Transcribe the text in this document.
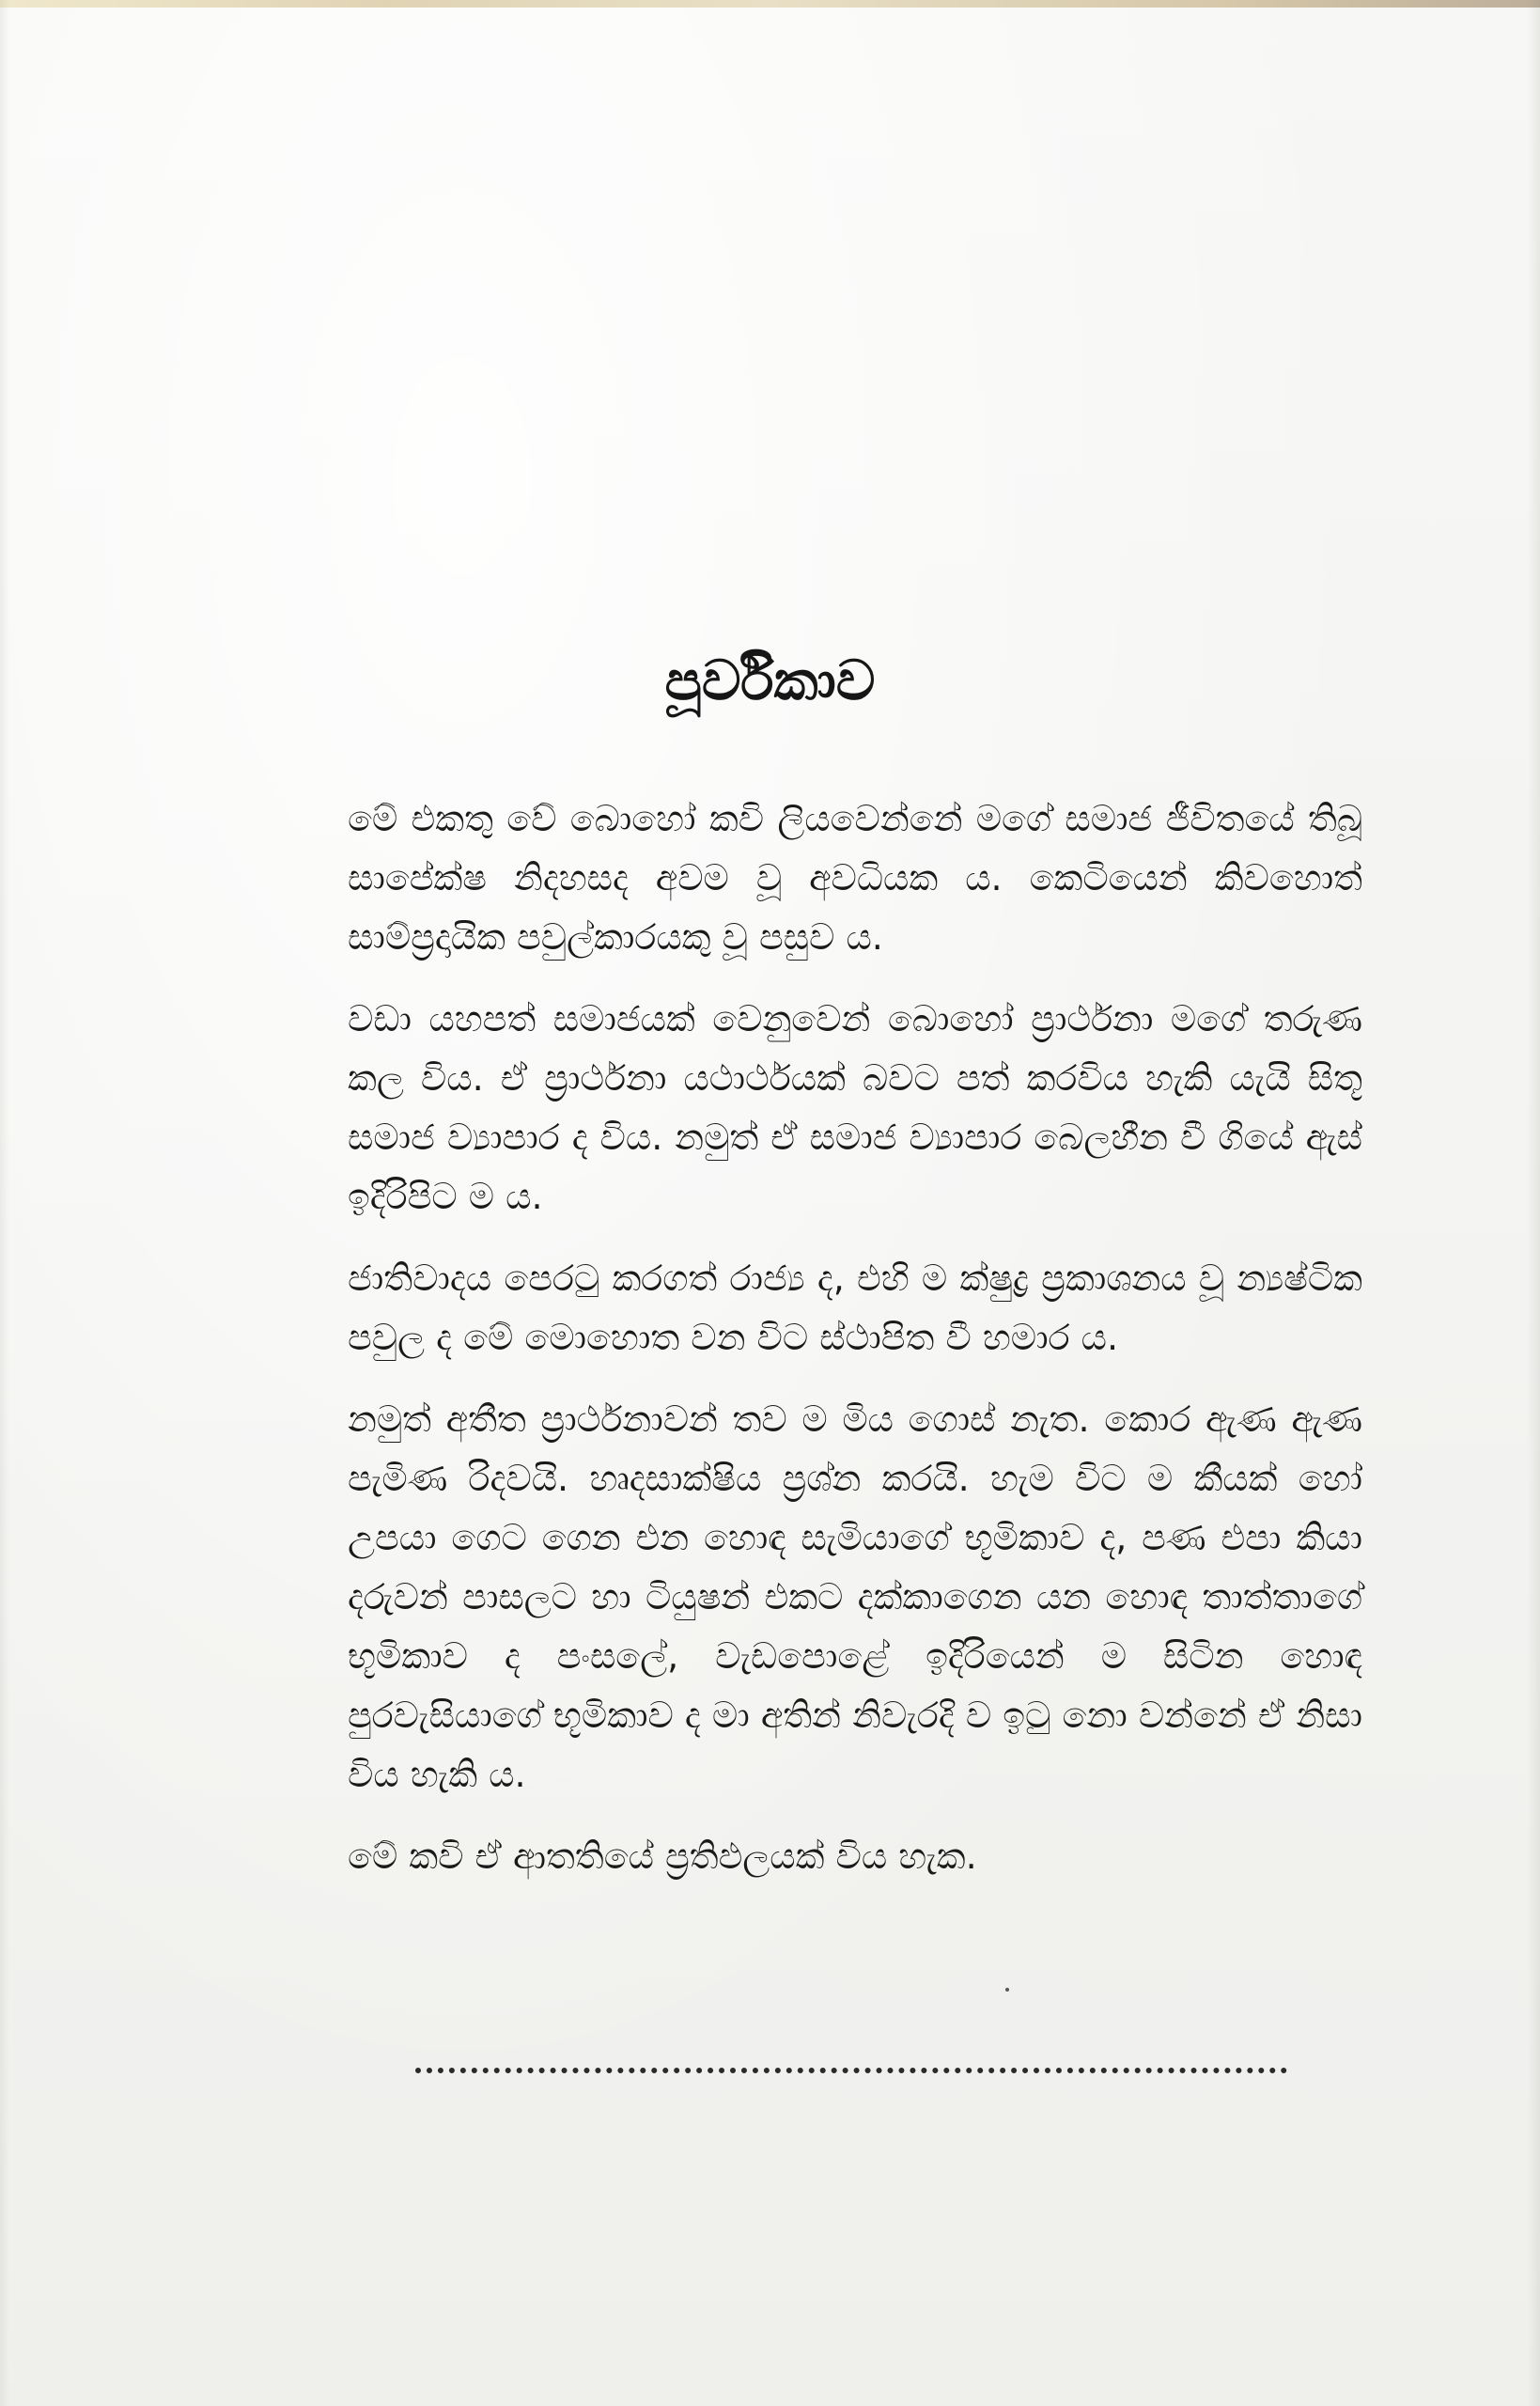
පූර්විකාව

මේ එකතු වේ බොහෝ කවි ලියවෙන්නේ මගේ සමාජ ජීවිතයේ තිබූ සාපේක්ෂ නිදහසද අවම වූ අවධියක ය. කෙටියෙන් කිවහොත් සාම්ප්‍රදායික පවුල්කාරයකු වූ පසුව ය.

වඩා යහපත් සමාජයක් වෙනුවෙන් බොහෝ ප්‍රාර්ථනා මගේ තරුණ කල විය. ඒ ප්‍රාර්ථනා යථාර්ථයක් බවට පත් කරවිය හැකි යැයි සිතූ සමාජ ව්‍යාපාර ද විය. නමුත් ඒ සමාජ ව්‍යාපාර බෙලහීන වී ගියේ ඇස් ඉදිරිපිට ම ය.

ජාතිවාදය පෙරටු කරගත් රාජ්‍ය ද, එහි ම ක්ෂුද්‍ර ප්‍රකාශනය වූ න්‍යෂ්ටික පවුල ද මේ මොහොත වන විට ස්ථාපිත වී හමාර ය.

නමුත් අතීත ප්‍රාර්ථනාවන් තව ම මිය ගොස් නැත. කොර ඇණ ඇණ පැමිණ රිදවයි. හෘදසාක්ෂිය ප්‍රශ්න කරයි. හැම විට ම කීයක් හෝ උපයා ගෙට ගෙන එන හොඳ සැමියාගේ භූමිකාව ද, පණ එපා කියා දරුවන් පාසලට හා ටියුෂන් එකට දක්කාගෙන යන හොඳ තාත්තාගේ භූමිකාව ද පංසලේ, වැඩපොළේ ඉදිරියෙන් ම සිටින හොඳ පුරවැසියාගේ භූමිකාව ද මා අතින් නිවැරදි ව ඉටු නො වන්නේ ඒ නිසා විය හැකි ය.

මේ කවි ඒ ආතතියේ ප්‍රතිඵලයක් විය හැක.
